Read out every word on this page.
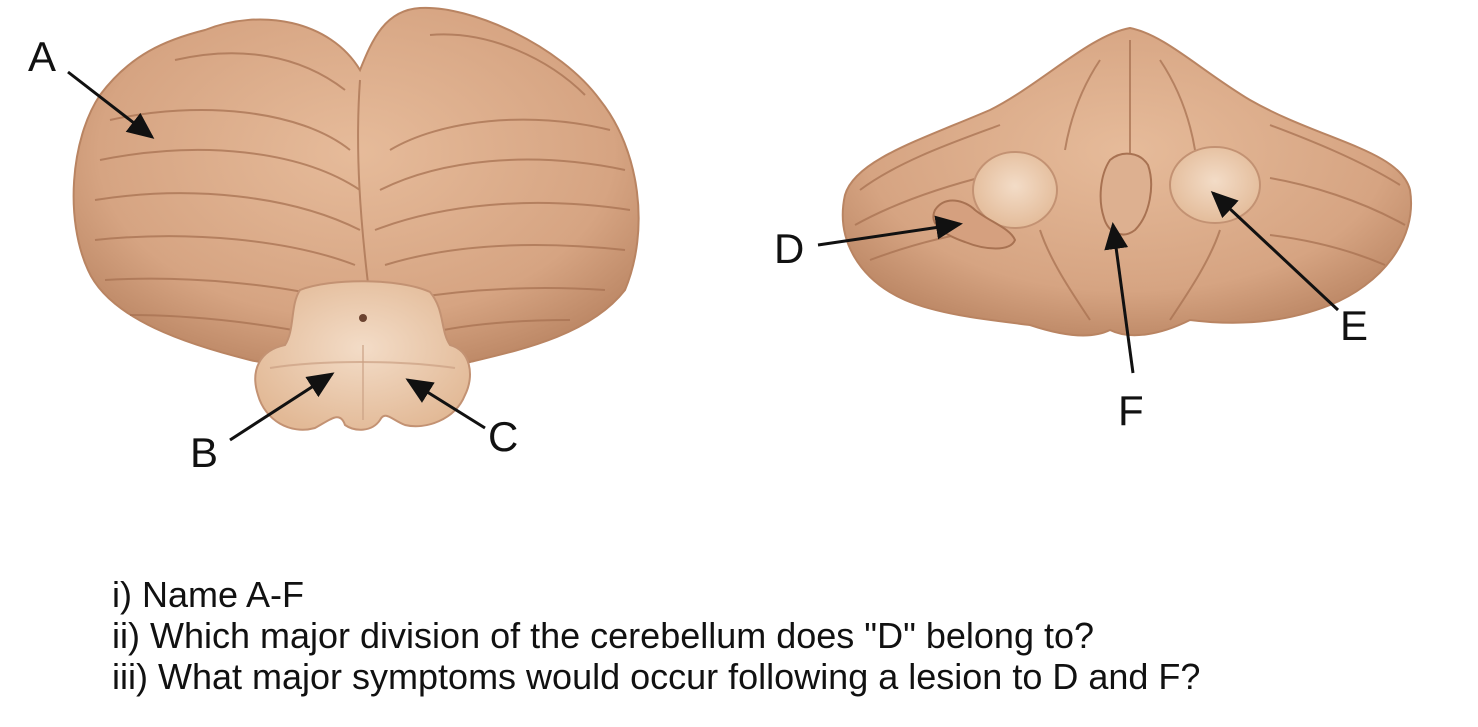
A
B	C
D
E
F
i) Name A-F
ii) Which major division of the cerebellum does "D" belong to?
iii) What major symptoms would occur following a lesion to D and F?
